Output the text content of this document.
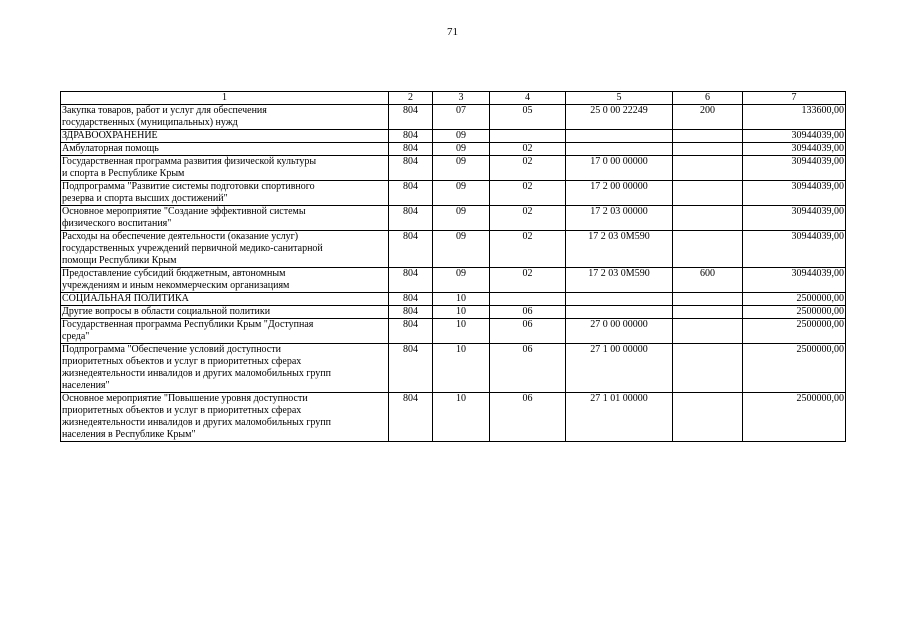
71
1	2	3	4	5	6	7
Закупка товаров, работ и услуг для обеспечения
государственных (муниципальных) нужд	804	07	05	25 0 00 22249	200	133600,00
ЗДРАВООХРАНЕНИЕ	804	09				30944039,00
Амбулаторная помощь	804	09	02			30944039,00
Государственная программа развития физической культуры
и спорта в Республике Крым	804	09	02	17 0 00 00000		30944039,00
Подпрограмма "Развитие системы подготовки спортивного
резерва и спорта высших достижений"	804	09	02	17 2 00 00000		30944039,00
Основное мероприятие "Создание эффективной системы
физического воспитания"	804	09	02	17 2 03 00000		30944039,00
Расходы на обеспечение деятельности (оказание услуг)
государственных учреждений первичной медико-санитарной
помощи Республики Крым	804	09	02	17 2 03 0М590		30944039,00
Предоставление субсидий бюджетным, автономным
учреждениям и иным некоммерческим организациям	804	09	02	17 2 03 0М590	600	30944039,00
СОЦИАЛЬНАЯ ПОЛИТИКА	804	10				2500000,00
Другие вопросы в области социальной политики	804	10	06			2500000,00
Государственная программа Республики Крым "Доступная
среда"	804	10	06	27 0 00 00000		2500000,00
Подпрограмма "Обеспечение условий доступности
приоритетных объектов и услуг в приоритетных сферах
жизнедеятельности инвалидов и других маломобильных групп
населения"	804	10	06	27 1 00 00000		2500000,00
Основное мероприятие "Повышение уровня доступности
приоритетных объектов и услуг в приоритетных сферах
жизнедеятельности инвалидов и других маломобильных групп
населения в Республике Крым"	804	10	06	27 1 01 00000		2500000,00
